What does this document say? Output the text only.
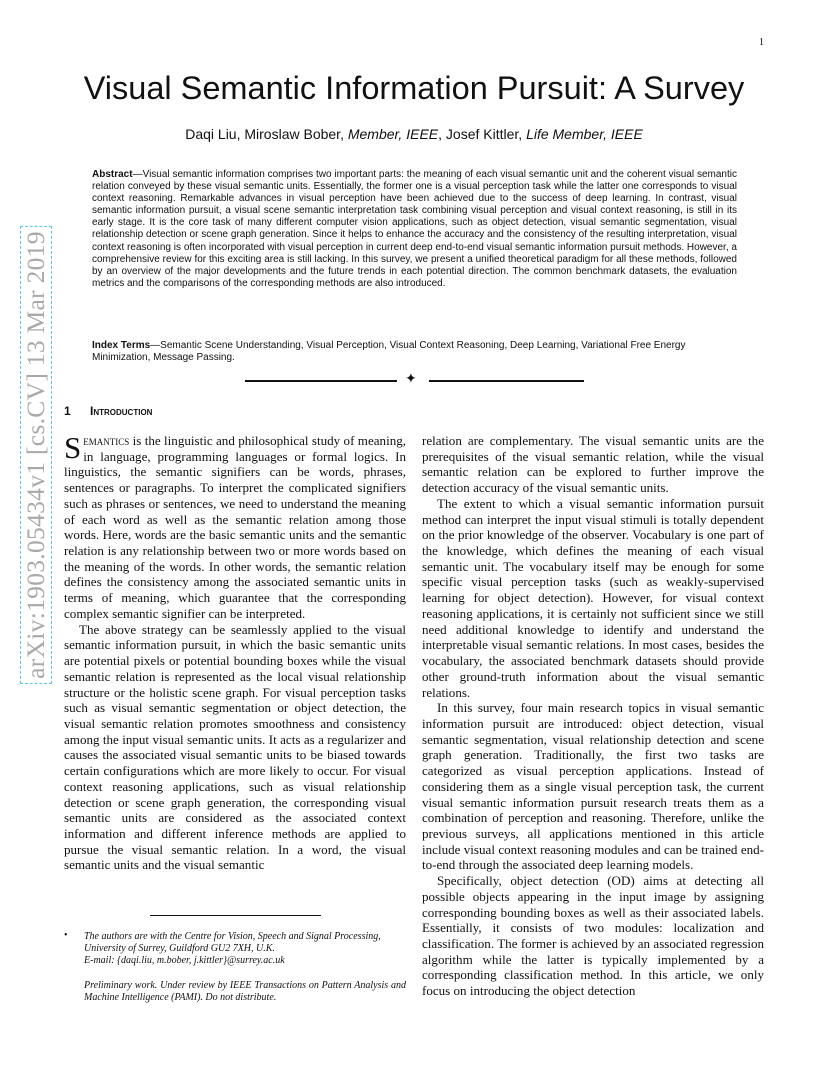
1
arXiv:1903.05434v1 [cs.CV] 13 Mar 2019
Visual Semantic Information Pursuit: A Survey
Daqi Liu, Miroslaw Bober, Member, IEEE, Josef Kittler, Life Member, IEEE

Abstract—Visual semantic information comprises two important parts: the meaning of each visual semantic unit and the coherent visual semantic relation conveyed by these visual semantic units. Essentially, the former one is a visual perception task while the latter one corresponds to visual context reasoning. Remarkable advances in visual perception have been achieved due to the success of deep learning. In contrast, visual semantic information pursuit, a visual scene semantic interpretation task combining visual perception and visual context reasoning, is still in its early stage. It is the core task of many different computer vision applications, such as object detection, visual semantic segmentation, visual relationship detection or scene graph generation. Since it helps to enhance the accuracy and the consistency of the resulting interpretation, visual context reasoning is often incorporated with visual perception in current deep end-to-end visual semantic information pursuit methods. However, a comprehensive review for this exciting area is still lacking. In this survey, we present a unified theoretical paradigm for all these methods, followed by an overview of the major developments and the future trends in each potential direction. The common benchmark datasets, the evaluation metrics and the comparisons of the corresponding methods are also introduced.

Index Terms—Semantic Scene Understanding, Visual Perception, Visual Context Reasoning, Deep Learning, Variational Free Energy Minimization, Message Passing.

✦
1 Introduction

Semantics is the linguistic and philosophical study of meaning, in language, programming languages or formal logics. In linguistics, the semantic signifiers can be words, phrases, sentences or paragraphs. To interpret the complicated signifiers such as phrases or sentences, we need to understand the meaning of each word as well as the semantic relation among those words. Here, words are the basic semantic units and the semantic relation is any relationship between two or more words based on the meaning of the words. In other words, the semantic relation defines the consistency among the associated semantic units in terms of meaning, which guarantee that the corresponding complex semantic signifier can be interpreted.

The above strategy can be seamlessly applied to the visual semantic information pursuit, in which the basic semantic units are potential pixels or potential bounding boxes while the visual semantic relation is represented as the local visual relationship structure or the holistic scene graph. For visual perception tasks such as visual semantic segmentation or object detection, the visual semantic relation promotes smoothness and consistency among the input visual semantic units. It acts as a regularizer and causes the associated visual semantic units to be biased towards certain configurations which are more likely to occur. For visual context reasoning applications, such as visual relationship detection or scene graph generation, the corresponding visual semantic units are considered as the associated context information and different inference methods are applied to pursue the visual semantic relation. In a word, the visual semantic units and the visual semantic

relation are complementary. The visual semantic units are the prerequisites of the visual semantic relation, while the visual semantic relation can be explored to further improve the detection accuracy of the visual semantic units.

The extent to which a visual semantic information pursuit method can interpret the input visual stimuli is totally dependent on the prior knowledge of the observer. Vocabulary is one part of the knowledge, which defines the meaning of each visual semantic unit. The vocabulary itself may be enough for some specific visual perception tasks (such as weakly-supervised learning for object detection). However, for visual context reasoning applications, it is certainly not sufficient since we still need additional knowledge to identify and understand the interpretable visual semantic relations. In most cases, besides the vocabulary, the associated benchmark datasets should provide other ground-truth information about the visual semantic relations.

In this survey, four main research topics in visual semantic information pursuit are introduced: object detection, visual semantic segmentation, visual relationship detection and scene graph generation. Traditionally, the first two tasks are categorized as visual perception applications. Instead of considering them as a single visual perception task, the current visual semantic information pursuit research treats them as a combination of perception and reasoning. Therefore, unlike the previous surveys, all applications mentioned in this article include visual context reasoning modules and can be trained end-to-end through the associated deep learning models.

Specifically, object detection (OD) aims at detecting all possible objects appearing in the input image by assigning corresponding bounding boxes as well as their associated labels. Essentially, it consists of two modules: localization and classification. The former is achieved by an associated regression algorithm while the latter is typically implemented by a corresponding classification method. In this article, we only focus on introducing the object detection

• The authors are with the Centre for Vision, Speech and Signal Processing, University of Surrey, Guildford GU2 7XH, U.K.
E-mail: {daqi.liu, m.bober, j.kittler}@surrey.ac.uk
Preliminary work. Under review by IEEE Transactions on Pattern Analysis and Machine Intelligence (PAMI). Do not distribute.
